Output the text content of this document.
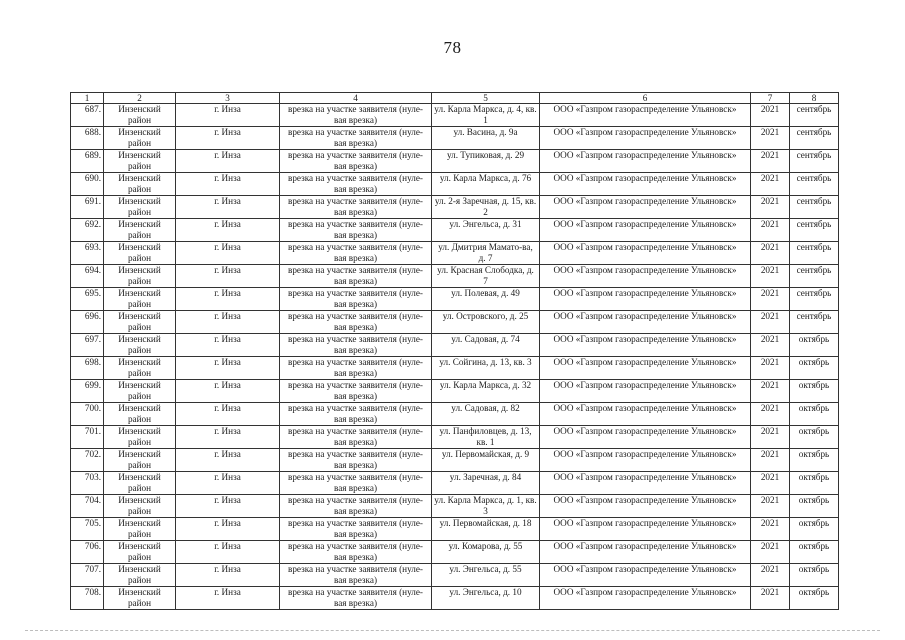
78
1	2	3	4	5	6	7	8
687.	Инзенский район	г. Инза	врезка на участке заявителя (нуле-вая врезка)	ул. Карла Маркса, д. 4, кв. 1	ООО «Газпром газораспределение Ульяновск»	2021	сентябрь
688.	Инзенский район	г. Инза	врезка на участке заявителя (нуле-вая врезка)	ул. Васина, д. 9а	ООО «Газпром газораспределение Ульяновск»	2021	сентябрь
689.	Инзенский район	г. Инза	врезка на участке заявителя (нуле-вая врезка)	ул. Тупиковая, д. 29	ООО «Газпром газораспределение Ульяновск»	2021	сентябрь
690.	Инзенский район	г. Инза	врезка на участке заявителя (нуле-вая врезка)	ул. Карла Маркса, д. 76	ООО «Газпром газораспределение Ульяновск»	2021	сентябрь
691.	Инзенский район	г. Инза	врезка на участке заявителя (нуле-вая врезка)	ул. 2-я Заречная, д. 15, кв. 2	ООО «Газпром газораспределение Ульяновск»	2021	сентябрь
692.	Инзенский район	г. Инза	врезка на участке заявителя (нуле-вая врезка)	ул. Энгельса, д. 31	ООО «Газпром газораспределение Ульяновск»	2021	сентябрь
693.	Инзенский район	г. Инза	врезка на участке заявителя (нуле-вая врезка)	ул. Дмитрия Мамато-ва, д. 7	ООО «Газпром газораспределение Ульяновск»	2021	сентябрь
694.	Инзенский район	г. Инза	врезка на участке заявителя (нуле-вая врезка)	ул. Красная Слободка, д. 7	ООО «Газпром газораспределение Ульяновск»	2021	сентябрь
695.	Инзенский район	г. Инза	врезка на участке заявителя (нуле-вая врезка)	ул. Полевая, д. 49	ООО «Газпром газораспределение Ульяновск»	2021	сентябрь
696.	Инзенский район	г. Инза	врезка на участке заявителя (нуле-вая врезка)	ул. Островского, д. 25	ООО «Газпром газораспределение Ульяновск»	2021	сентябрь
697.	Инзенский район	г. Инза	врезка на участке заявителя (нуле-вая врезка)	ул. Садовая, д. 74	ООО «Газпром газораспределение Ульяновск»	2021	октябрь
698.	Инзенский район	г. Инза	врезка на участке заявителя (нуле-вая врезка)	ул. Сойгина, д. 13, кв. 3	ООО «Газпром газораспределение Ульяновск»	2021	октябрь
699.	Инзенский район	г. Инза	врезка на участке заявителя (нуле-вая врезка)	ул. Карла Маркса, д. 32	ООО «Газпром газораспределение Ульяновск»	2021	октябрь
700.	Инзенский район	г. Инза	врезка на участке заявителя (нуле-вая врезка)	ул. Садовая, д. 82	ООО «Газпром газораспределение Ульяновск»	2021	октябрь
701.	Инзенский район	г. Инза	врезка на участке заявителя (нуле-вая врезка)	ул. Панфиловцев, д. 13, кв. 1	ООО «Газпром газораспределение Ульяновск»	2021	октябрь
702.	Инзенский район	г. Инза	врезка на участке заявителя (нуле-вая врезка)	ул. Первомайская, д. 9	ООО «Газпром газораспределение Ульяновск»	2021	октябрь
703.	Инзенский район	г. Инза	врезка на участке заявителя (нуле-вая врезка)	ул. Заречная, д. 84	ООО «Газпром газораспределение Ульяновск»	2021	октябрь
704.	Инзенский район	г. Инза	врезка на участке заявителя (нуле-вая врезка)	ул. Карла Маркса, д. 1, кв. 3	ООО «Газпром газораспределение Ульяновск»	2021	октябрь
705.	Инзенский район	г. Инза	врезка на участке заявителя (нуле-вая врезка)	ул. Первомайская, д. 18	ООО «Газпром газораспределение Ульяновск»	2021	октябрь
706.	Инзенский район	г. Инза	врезка на участке заявителя (нуле-вая врезка)	ул. Комарова, д. 55	ООО «Газпром газораспределение Ульяновск»	2021	октябрь
707.	Инзенский район	г. Инза	врезка на участке заявителя (нуле-вая врезка)	ул. Энгельса, д. 55	ООО «Газпром газораспределение Ульяновск»	2021	октябрь
708.	Инзенский район	г. Инза	врезка на участке заявителя (нуле-вая врезка)	ул. Энгельса, д. 10	ООО «Газпром газораспределение Ульяновск»	2021	октябрь
